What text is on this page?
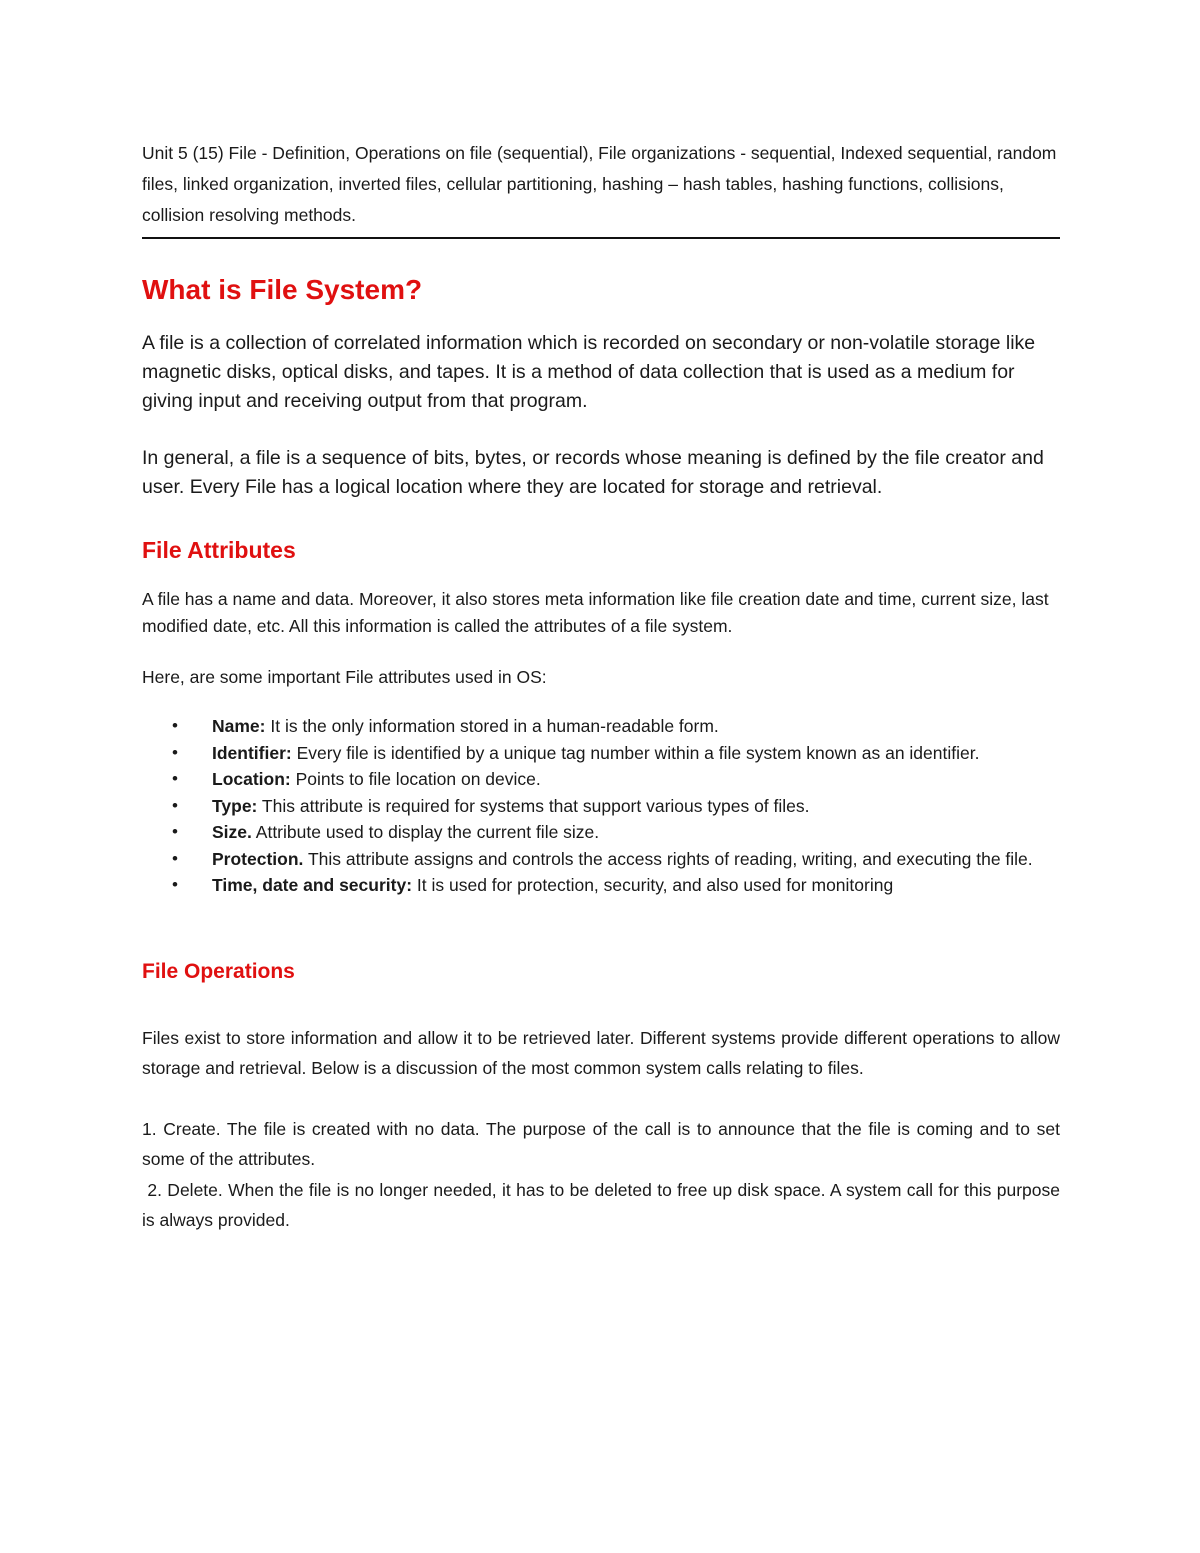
Unit 5 (15) File - Definition, Operations on file (sequential), File organizations - sequential, Indexed sequential, random files, linked organization, inverted files, cellular partitioning, hashing – hash tables, hashing functions, collisions, collision resolving methods.
What is File System?

A file is a collection of correlated information which is recorded on secondary or non-volatile storage like magnetic disks, optical disks, and tapes. It is a method of data collection that is used as a medium for giving input and receiving output from that program.

In general, a file is a sequence of bits, bytes, or records whose meaning is defined by the file creator and user. Every File has a logical location where they are located for storage and retrieval.

File Attributes

A file has a name and data. Moreover, it also stores meta information like file creation date and time, current size, last modified date, etc. All this information is called the attributes of a file system.

Here, are some important File attributes used in OS:

• Name: It is the only information stored in a human-readable form.
• Identifier: Every file is identified by a unique tag number within a file system known as an identifier.
• Location: Points to file location on device.
• Type: This attribute is required for systems that support various types of files.
• Size. Attribute used to display the current file size.
• Protection. This attribute assigns and controls the access rights of reading, writing, and executing the file.
• Time, date and security: It is used for protection, security, and also used for monitoring
File Operations

Files exist to store information and allow it to be retrieved later. Different systems provide different operations to allow storage and retrieval. Below is a discussion of the most common system calls relating to files.

1. Create. The file is created with no data. The purpose of the call is to announce that the file is coming and to set some of the attributes.

2. Delete. When the file is no longer needed, it has to be deleted to free up disk space. A system call for this purpose is always provided.
